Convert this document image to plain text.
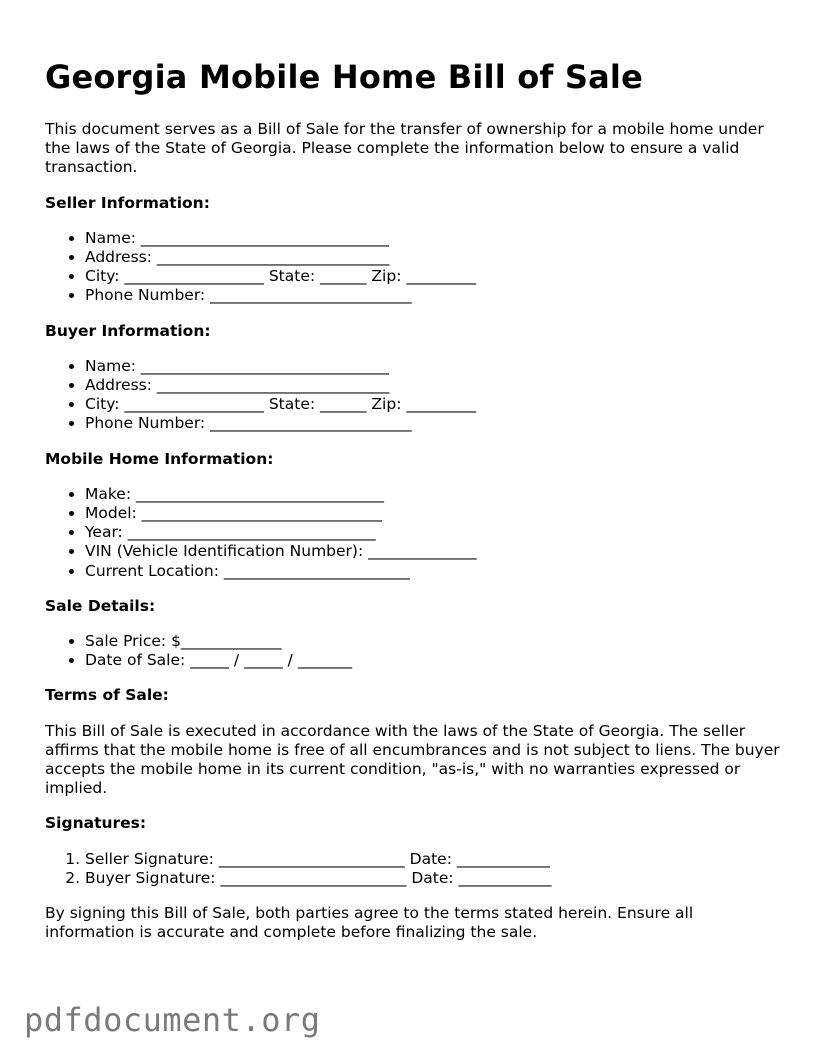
Georgia Mobile Home Bill of Sale

This document serves as a Bill of Sale for the transfer of ownership for a mobile home under the laws of the State of Georgia. Please complete the information below to ensure a valid transaction.

Seller Information:
• Name: ________________________________
• Address: ______________________________
• City: __________________ State: ______ Zip: _________
• Phone Number: __________________________
Buyer Information:
• Name: ________________________________
• Address: ______________________________
• City: __________________ State: ______ Zip: _________
• Phone Number: __________________________
Mobile Home Information:
• Make: ________________________________
• Model: _______________________________
• Year: ________________________________
• VIN (Vehicle Identification Number): ______________
• Current Location: ________________________
Sale Details:
• Sale Price: $_____________
• Date of Sale: _____ / _____ / _______
Terms of Sale:

This Bill of Sale is executed in accordance with the laws of the State of Georgia. The seller affirms that the mobile home is free of all encumbrances and is not subject to liens. The buyer accepts the mobile home in its current condition, "as-is," with no warranties expressed or implied.

Signatures:
1. Seller Signature: ________________________ Date: ____________
2. Buyer Signature: ________________________ Date: ____________

By signing this Bill of Sale, both parties agree to the terms stated herein. Ensure all information is accurate and complete before finalizing the sale.

pdfdocument.org
